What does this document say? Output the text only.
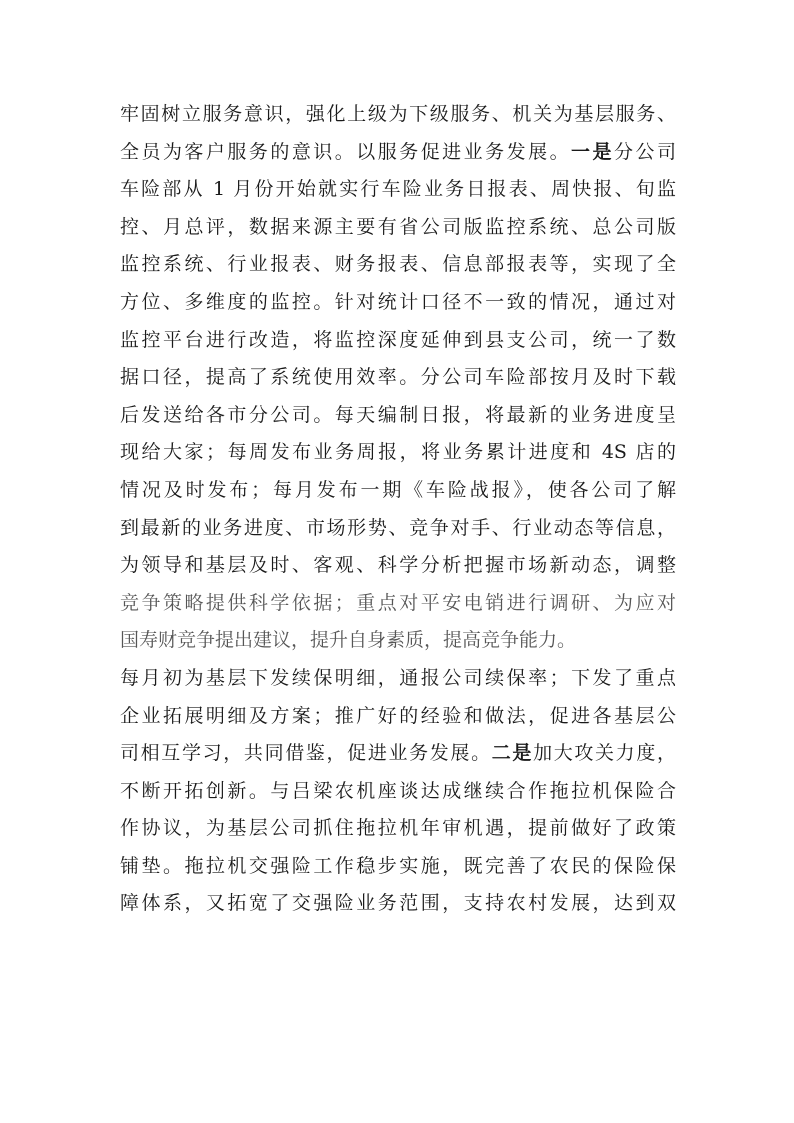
牢固树立服务意识，强化上级为下级服务、机关为基层服务、
全员为客户服务的意识。以服务促进业务发展。一是分公司
车险部从 1 月份开始就实行车险业务日报表、周快报、旬监
控、月总评，数据来源主要有省公司版监控系统、总公司版
监控系统、行业报表、财务报表、信息部报表等，实现了全
方位、多维度的监控。针对统计口径不一致的情况，通过对
监控平台进行改造，将监控深度延伸到县支公司，统一了数
据口径，提高了系统使用效率。分公司车险部按月及时下载
后发送给各市分公司。每天编制日报，将最新的业务进度呈
现给大家；每周发布业务周报，将业务累计进度和 4S 店的
情况及时发布；每月发布一期《车险战报》，使各公司了解
到最新的业务进度、市场形势、竞争对手、行业动态等信息，
为领导和基层及时、客观、科学分析把握市场新动态，调整
竞争策略提供科学依据；重点对平安电销进行调研、为应对
国寿财竞争提出建议，提升自身素质，提高竞争能力。
每月初为基层下发续保明细，通报公司续保率；下发了重点
企业拓展明细及方案；推广好的经验和做法，促进各基层公
司相互学习，共同借鉴，促进业务发展。二是加大攻关力度，
不断开拓创新。与吕梁农机座谈达成继续合作拖拉机保险合
作协议，为基层公司抓住拖拉机年审机遇，提前做好了政策
铺垫。拖拉机交强险工作稳步实施，既完善了农民的保险保
障体系，又拓宽了交强险业务范围，支持农村发展，达到双
